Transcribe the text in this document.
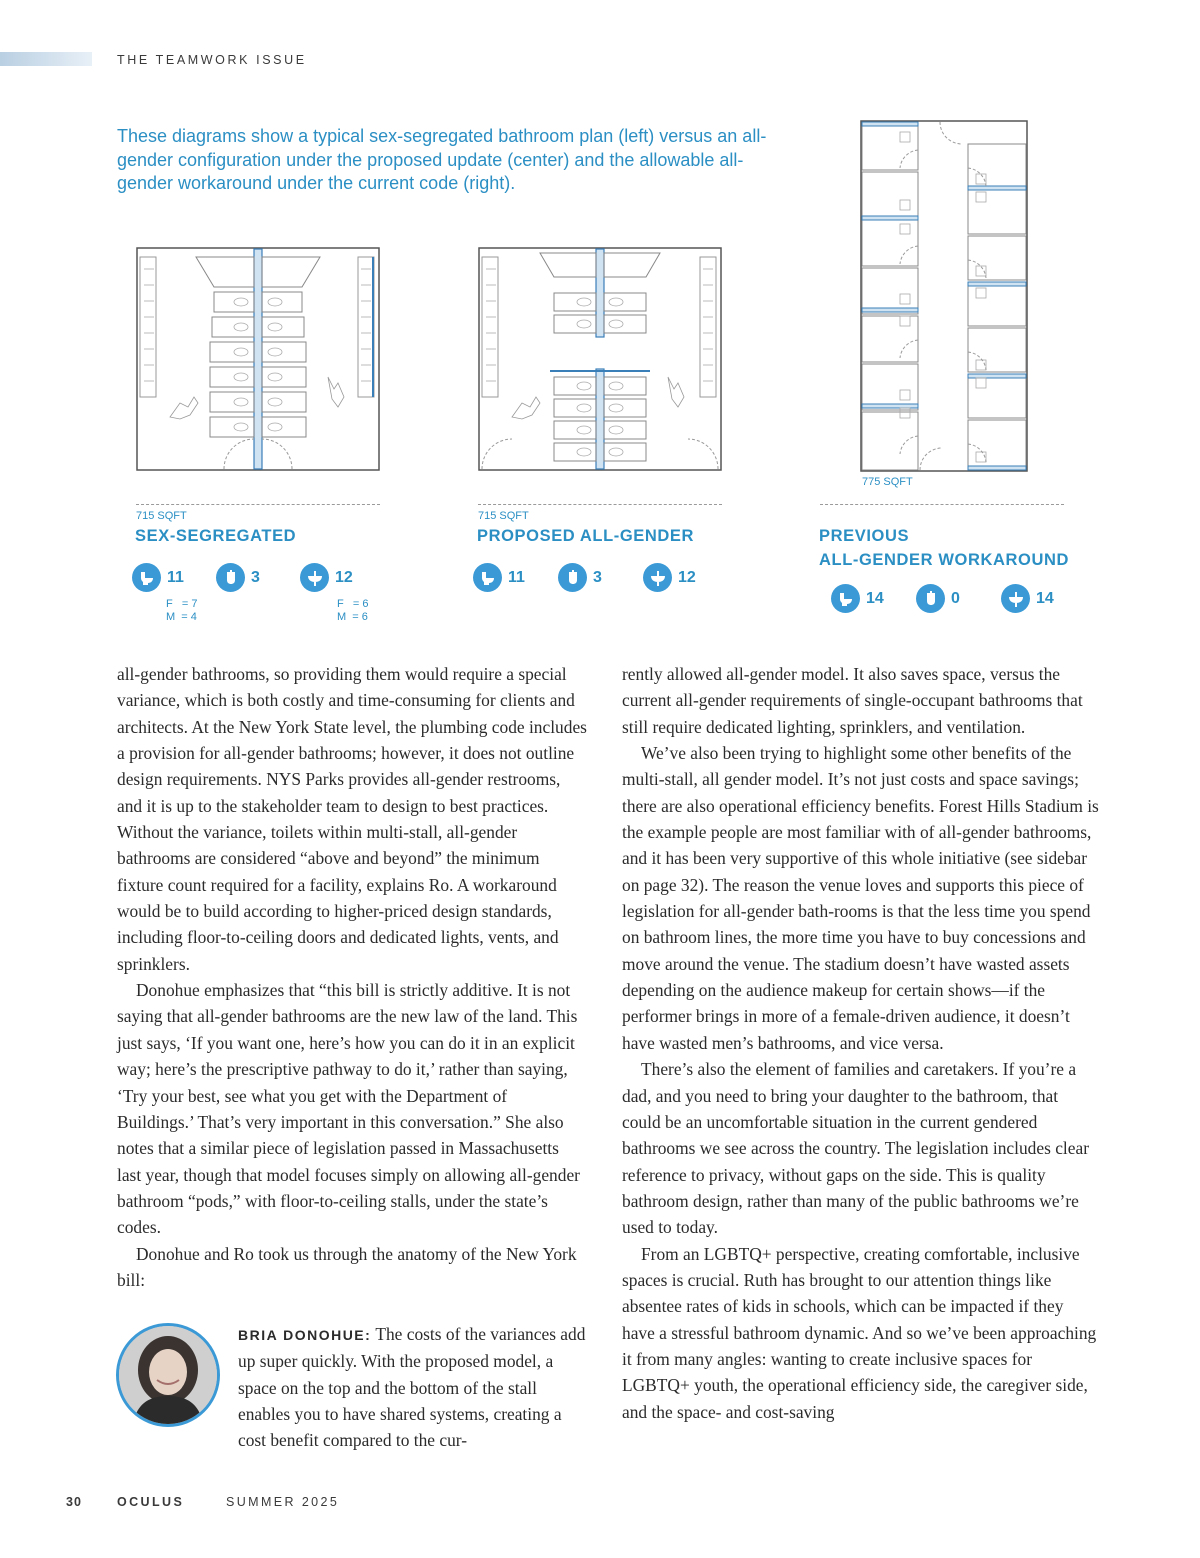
THE TEAMWORK ISSUE
These diagrams show a typical sex-segregated bathroom plan (left) versus an all-gender configuration under the proposed update (center) and the allowable all-gender workaround under the current code (right).
715 SQFT
SEX-SEGREGATED
11	3	12
F   = 7
M  = 4
F   = 6
M  = 6
715 SQFT
PROPOSED ALL-GENDER
11	3	12
775 SQFT
PREVIOUS
ALL-GENDER WORKAROUND
14	0	14

all-gender bathrooms, so providing them would require a special variance, which is both costly and time-consuming for clients and architects. At the New York State level, the plumbing code includes a provision for all-gender bathrooms; however, it does not outline design requirements. NYS Parks provides all-gender restrooms, and it is up to the stakeholder team to design to best practices. Without the variance, toilets within multi-stall, all-gender bathrooms are considered “above and beyond” the minimum fixture count required for a facility, explains Ro. A workaround would be to build according to higher-priced design standards, including floor-to-ceiling doors and dedicated lights, vents, and sprinklers.

Donohue emphasizes that “this bill is strictly additive. It is not saying that all-gender bathrooms are the new law of the land. This just says, ‘If you want one, here’s how you can do it in an explicit way; here’s the prescriptive pathway to do it,’ rather than saying, ‘Try your best, see what you get with the Department of Buildings.’ That’s very important in this conversation.” She also notes that a similar piece of legislation passed in Massachusetts last year, though that model focuses simply on allowing all-gender bathroom “pods,” with floor-to-ceiling stalls, under the state’s codes.

Donohue and Ro took us through the anatomy of the New York bill:

BRIA DONOHUE: The costs of the variances add up super quickly. With the proposed model, a space on the top and the bottom of the stall enables you to have shared systems, creating a cost benefit compared to the cur-

rently allowed all-gender model. It also saves space, versus the current all-gender requirements of single-occupant bathrooms that still require dedicated lighting, sprinklers, and ventilation.

We’ve also been trying to highlight some other benefits of the multi-stall, all gender model. It’s not just costs and space savings; there are also operational efficiency benefits. Forest Hills Stadium is the example people are most familiar with of all-gender bathrooms, and it has been very supportive of this whole initiative (see sidebar on page 32). The reason the venue loves and supports this piece of legislation for all-gender bath-rooms is that the less time you spend on bathroom lines, the more time you have to buy concessions and move around the venue. The stadium doesn’t have wasted assets depending on the audience makeup for certain shows—if the performer brings in more of a female-driven audience, it doesn’t have wasted men’s bathrooms, and vice versa.

There’s also the element of families and caretakers. If you’re a dad, and you need to bring your daughter to the bathroom, that could be an uncomfortable situation in the current gendered bathrooms we see across the country. The legislation includes clear reference to privacy, without gaps on the side. This is quality bathroom design, rather than many of the public bathrooms we’re used to today.

From an LGBTQ+ perspective, creating comfortable, inclusive spaces is crucial. Ruth has brought to our attention things like absentee rates of kids in schools, which can be impacted if they have a stressful bathroom dynamic. And so we’ve been approaching it from many angles: wanting to create inclusive spaces for LGBTQ+ youth, the operational efficiency side, the caregiver side, and the space- and cost-saving

30	OCULUS	SUMMER 2025
